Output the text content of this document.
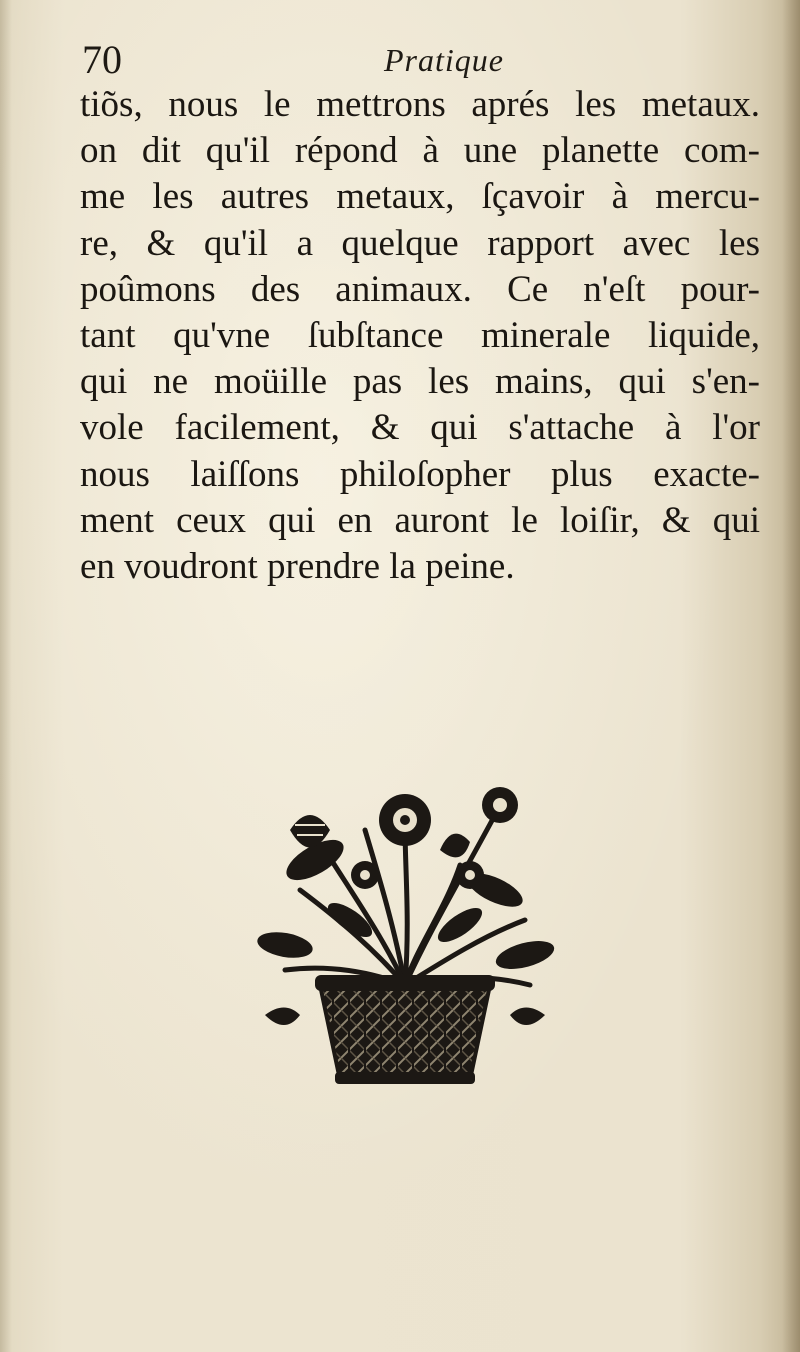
70	Pratique
tiõs, nous le mettrons aprés les metaux.
on dit qu'il répond à une planette com-
me les autres metaux, ſçavoir à mercu-
re, & qu'il a quelque rapport avec les
poûmons des animaux. Ce n'eſt pour-
tant qu'vne ſubſtance minerale liquide,
qui ne moüille pas les mains, qui s'en-
vole facilement, & qui s'attache à l'or
nous laiſſons philoſopher plus exacte-
ment ceux qui en auront le loiſir, & qui
en voudront prendre la peine.
